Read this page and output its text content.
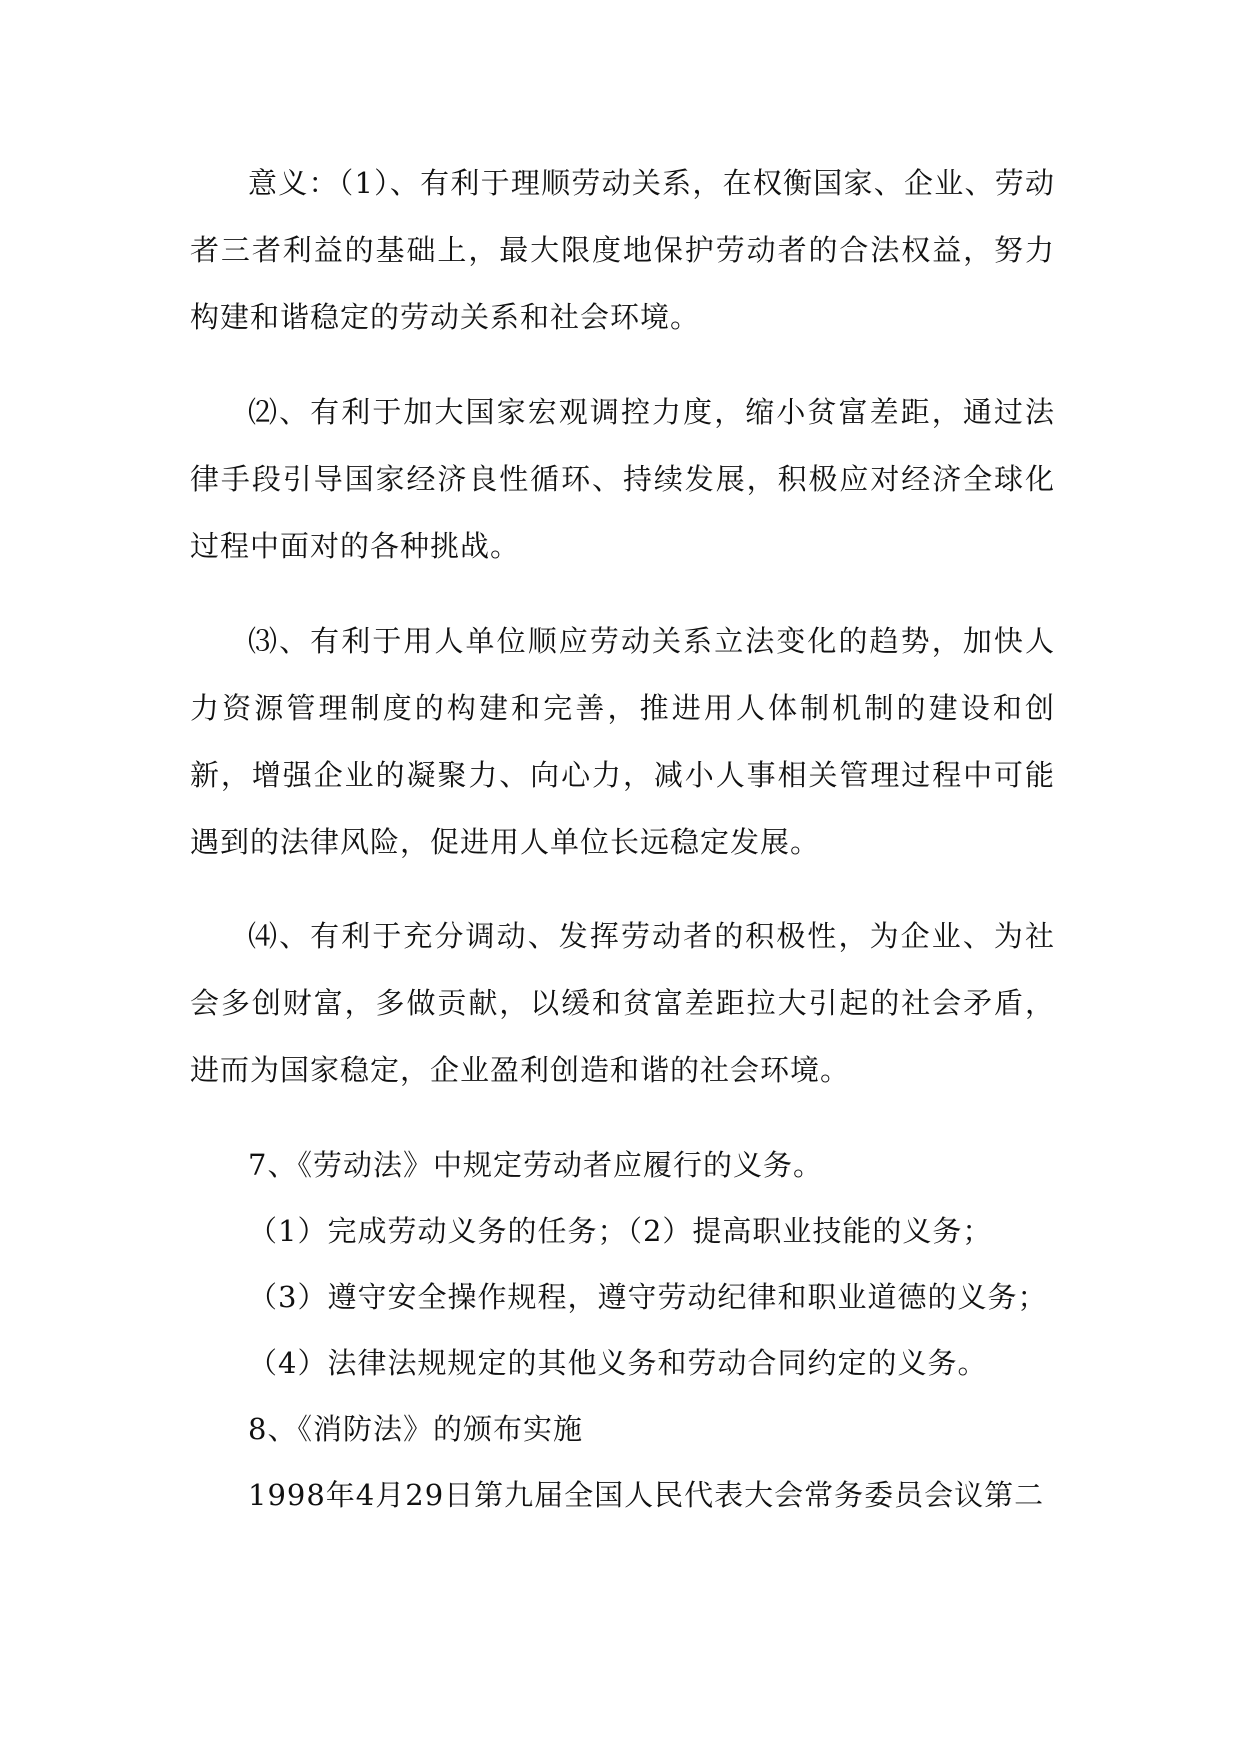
意义：（1）、有利于理顺劳动关系，在权衡国家、企业、劳动者三者利益的基础上，最大限度地保护劳动者的合法权益，努力构建和谐稳定的劳动关系和社会环境。

⑵、有利于加大国家宏观调控力度，缩小贫富差距，通过法律手段引导国家经济良性循环、持续发展，积极应对经济全球化过程中面对的各种挑战。

⑶、有利于用人单位顺应劳动关系立法变化的趋势，加快人力资源管理制度的构建和完善，推进用人体制机制的建设和创新，增强企业的凝聚力、向心力，减小人事相关管理过程中可能遇到的法律风险，促进用人单位长远稳定发展。

⑷、有利于充分调动、发挥劳动者的积极性，为企业、为社会多创财富，多做贡献，以缓和贫富差距拉大引起的社会矛盾，进而为国家稳定，企业盈利创造和谐的社会环境。

7、《劳动法》中规定劳动者应履行的义务。

（1）完成劳动义务的任务；（2）提高职业技能的义务；

（3）遵守安全操作规程，遵守劳动纪律和职业道德的义务；

（4）法律法规规定的其他义务和劳动合同约定的义务。

8、《消防法》的颁布实施

1998年4月29日第九届全国人民代表大会常务委员会议第二
